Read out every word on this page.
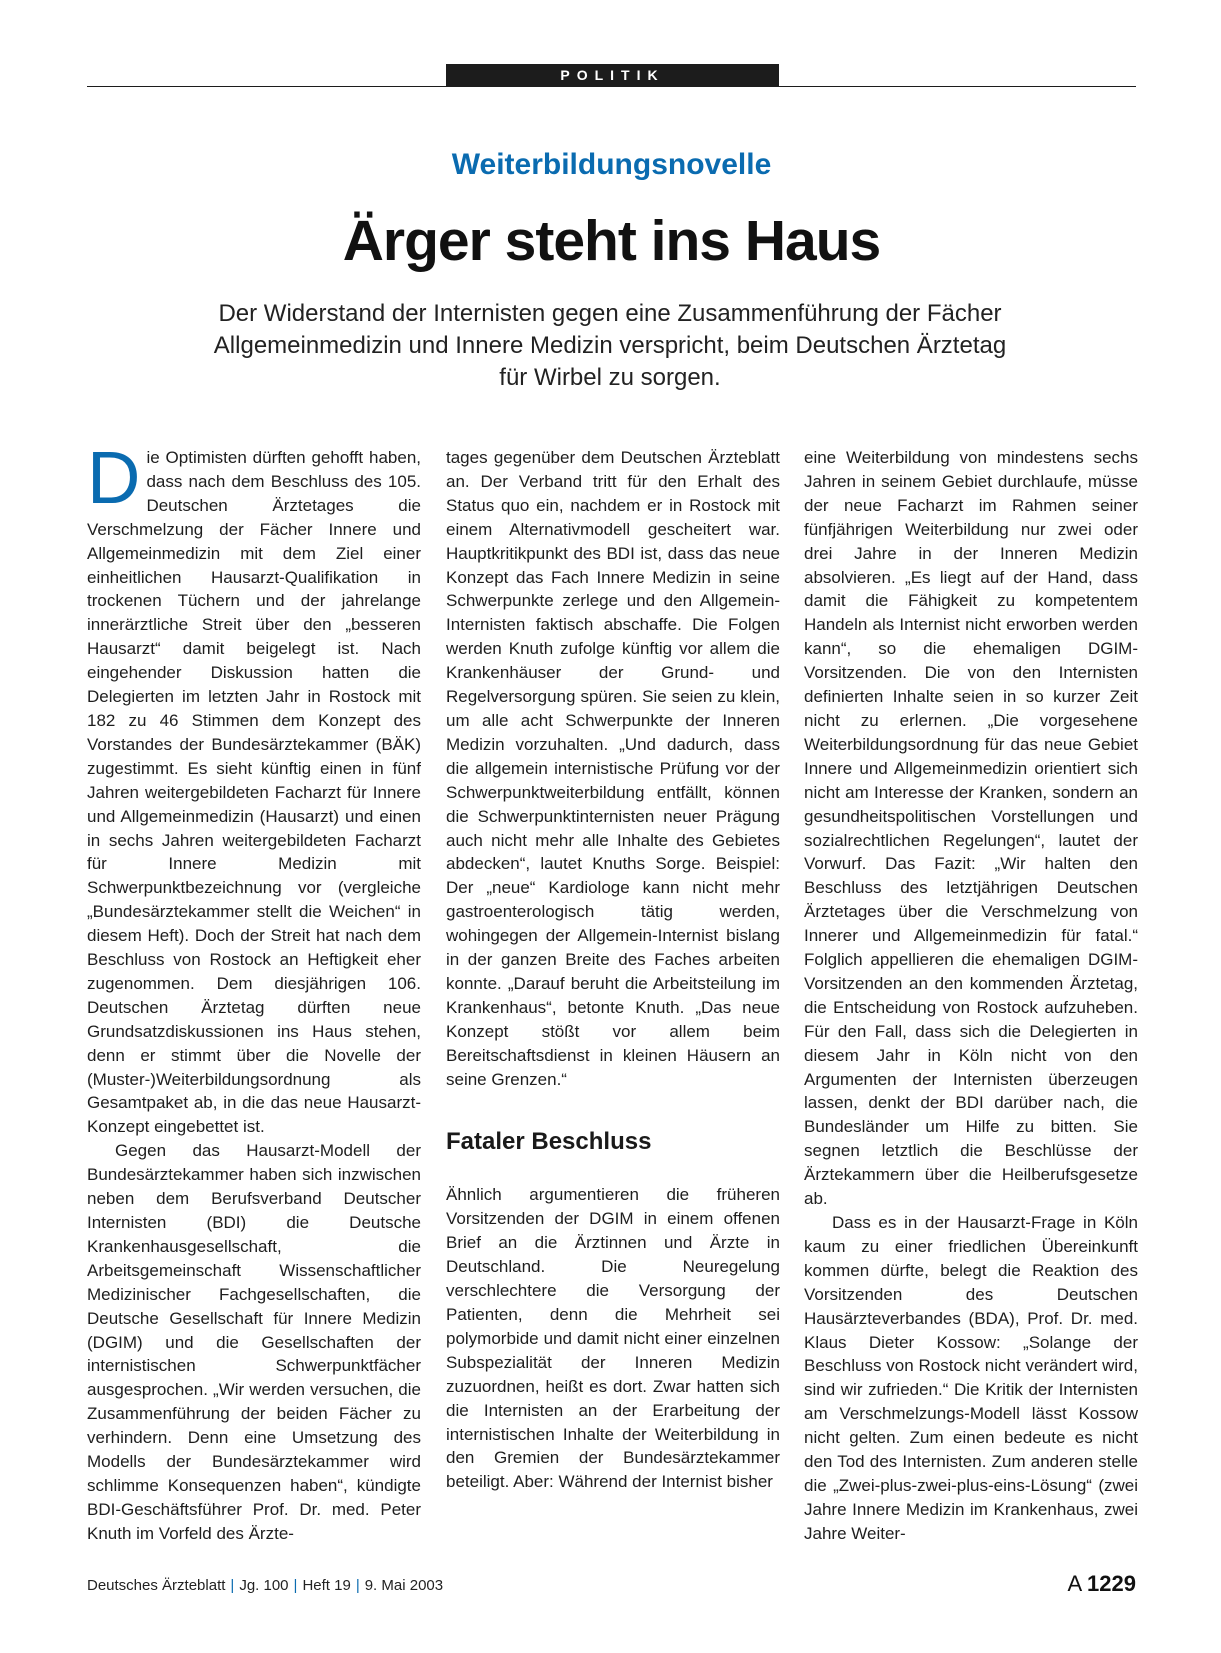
POLITIK
Weiterbildungsnovelle
Ärger steht ins Haus
Der Widerstand der Internisten gegen eine Zusammenführung der Fächer Allgemeinmedizin und Innere Medizin verspricht, beim Deutschen Ärztetag für Wirbel zu sorgen.

Die Optimisten dürften gehofft haben, dass nach dem Beschluss des 105. Deutschen Ärztetages die Verschmelzung der Fächer Innere und Allgemeinmedizin mit dem Ziel einer einheitlichen Hausarzt-Qualifikation in trockenen Tüchern und der jahrelange innerärztliche Streit über den „besseren Hausarzt“ damit beigelegt ist. Nach eingehender Diskussion hatten die Delegierten im letzten Jahr in Rostock mit 182 zu 46 Stimmen dem Konzept des Vorstandes der Bundesärztekammer (BÄK) zugestimmt. Es sieht künftig einen in fünf Jahren weitergebildeten Facharzt für Innere und Allgemeinmedizin (Hausarzt) und einen in sechs Jahren weitergebildeten Facharzt für Innere Medizin mit Schwerpunktbezeichnung vor (vergleiche „Bundesärztekammer stellt die Weichen“ in diesem Heft). Doch der Streit hat nach dem Beschluss von Rostock an Heftigkeit eher zugenommen. Dem diesjährigen 106. Deutschen Ärztetag dürften neue Grundsatzdiskussionen ins Haus stehen, denn er stimmt über die Novelle der (Muster-)Weiterbildungsordnung als Gesamtpaket ab, in die das neue Hausarzt-Konzept eingebettet ist.

Gegen das Hausarzt-Modell der Bundesärztekammer haben sich inzwischen neben dem Berufsverband Deutscher Internisten (BDI) die Deutsche Krankenhausgesellschaft, die Arbeitsgemeinschaft Wissenschaftlicher Medizinischer Fachgesellschaften, die Deutsche Gesellschaft für Innere Medizin (DGIM) und die Gesellschaften der internistischen Schwerpunktfächer ausgesprochen. „Wir werden versuchen, die Zusammenführung der beiden Fächer zu verhindern. Denn eine Umsetzung des Modells der Bundesärztekammer wird schlimme Konsequenzen haben“, kündigte BDI-Geschäftsführer Prof. Dr. med. Peter Knuth im Vorfeld des Ärzte-

tages gegenüber dem Deutschen Ärzteblatt an. Der Verband tritt für den Erhalt des Status quo ein, nachdem er in Rostock mit einem Alternativmodell gescheitert war. Hauptkritikpunkt des BDI ist, dass das neue Konzept das Fach Innere Medizin in seine Schwerpunkte zerlege und den Allgemein-Internisten faktisch abschaffe. Die Folgen werden Knuth zufolge künftig vor allem die Krankenhäuser der Grund- und Regelversorgung spüren. Sie seien zu klein, um alle acht Schwerpunkte der Inneren Medizin vorzuhalten. „Und dadurch, dass die allgemein internistische Prüfung vor der Schwerpunktweiterbildung entfällt, können die Schwerpunktinternisten neuer Prägung auch nicht mehr alle Inhalte des Gebietes abdecken“, lautet Knuths Sorge. Beispiel: Der „neue“ Kardiologe kann nicht mehr gastroenterologisch tätig werden, wohingegen der Allgemein-Internist bislang in der ganzen Breite des Faches arbeiten konnte. „Darauf beruht die Arbeitsteilung im Krankenhaus“, betonte Knuth. „Das neue Konzept stößt vor allem beim Bereitschaftsdienst in kleinen Häusern an seine Grenzen.“

Fataler Beschluss

Ähnlich argumentieren die früheren Vorsitzenden der DGIM in einem offenen Brief an die Ärztinnen und Ärzte in Deutschland. Die Neuregelung verschlechtere die Versorgung der Patienten, denn die Mehrheit sei polymorbide und damit nicht einer einzelnen Subspezialität der Inneren Medizin zuzuordnen, heißt es dort. Zwar hatten sich die Internisten an der Erarbeitung der internistischen Inhalte der Weiterbildung in den Gremien der Bundesärztekammer beteiligt. Aber: Während der Internist bisher

eine Weiterbildung von mindestens sechs Jahren in seinem Gebiet durchlaufe, müsse der neue Facharzt im Rahmen seiner fünfjährigen Weiterbildung nur zwei oder drei Jahre in der Inneren Medizin absolvieren. „Es liegt auf der Hand, dass damit die Fähigkeit zu kompetentem Handeln als Internist nicht erworben werden kann“, so die ehemaligen DGIM-Vorsitzenden. Die von den Internisten definierten Inhalte seien in so kurzer Zeit nicht zu erlernen. „Die vorgesehene Weiterbildungsordnung für das neue Gebiet Innere und Allgemeinmedizin orientiert sich nicht am Interesse der Kranken, sondern an gesundheitspolitischen Vorstellungen und sozialrechtlichen Regelungen“, lautet der Vorwurf. Das Fazit: „Wir halten den Beschluss des letztjährigen Deutschen Ärztetages über die Verschmelzung von Innerer und Allgemeinmedizin für fatal.“ Folglich appellieren die ehemaligen DGIM-Vorsitzenden an den kommenden Ärztetag, die Entscheidung von Rostock aufzuheben. Für den Fall, dass sich die Delegierten in diesem Jahr in Köln nicht von den Argumenten der Internisten überzeugen lassen, denkt der BDI darüber nach, die Bundesländer um Hilfe zu bitten. Sie segnen letztlich die Beschlüsse der Ärztekammern über die Heilberufsgesetze ab.

Dass es in der Hausarzt-Frage in Köln kaum zu einer friedlichen Übereinkunft kommen dürfte, belegt die Reaktion des Vorsitzenden des Deutschen Hausärzteverbandes (BDA), Prof. Dr. med. Klaus Dieter Kossow: „Solange der Beschluss von Rostock nicht verändert wird, sind wir zufrieden.“ Die Kritik der Internisten am Verschmelzungs-Modell lässt Kossow nicht gelten. Zum einen bedeute es nicht den Tod des Internisten. Zum anderen stelle die „Zwei-plus-zwei-plus-eins-Lösung“ (zwei Jahre Innere Medizin im Krankenhaus, zwei Jahre Weiter-

Deutsches Ärzteblatt | Jg. 100 | Heft 19 | 9. Mai 2003	A 1229
